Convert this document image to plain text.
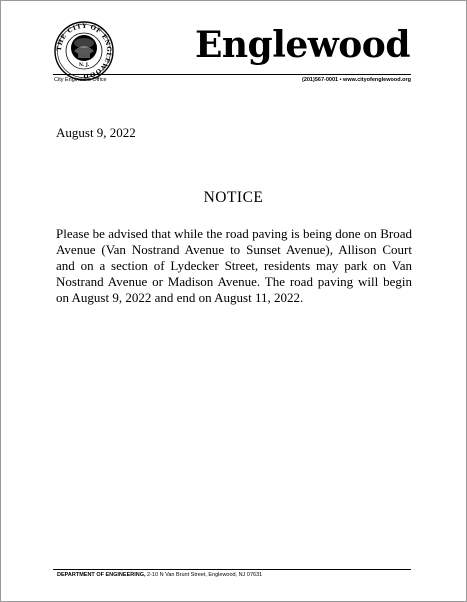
THE CITY OF ENGLEWOOD
N. J.	Englewood
City Engineer's Office	(201)567-0001 • www.cityofenglewood.org
August 9, 2022
NOTICE
Please be advised that while the road paving is being done on Broad Avenue (Van Nostrand Avenue to Sunset Avenue), Allison Court and on a section of Lydecker Street, residents may park on Van Nostrand Avenue or Madison Avenue. The road paving will begin on August 9, 2022 and end on August 11, 2022.
DEPARTMENT OF ENGINEERING, 2-10 N Van Brunt Street, Englewood, NJ 07631
